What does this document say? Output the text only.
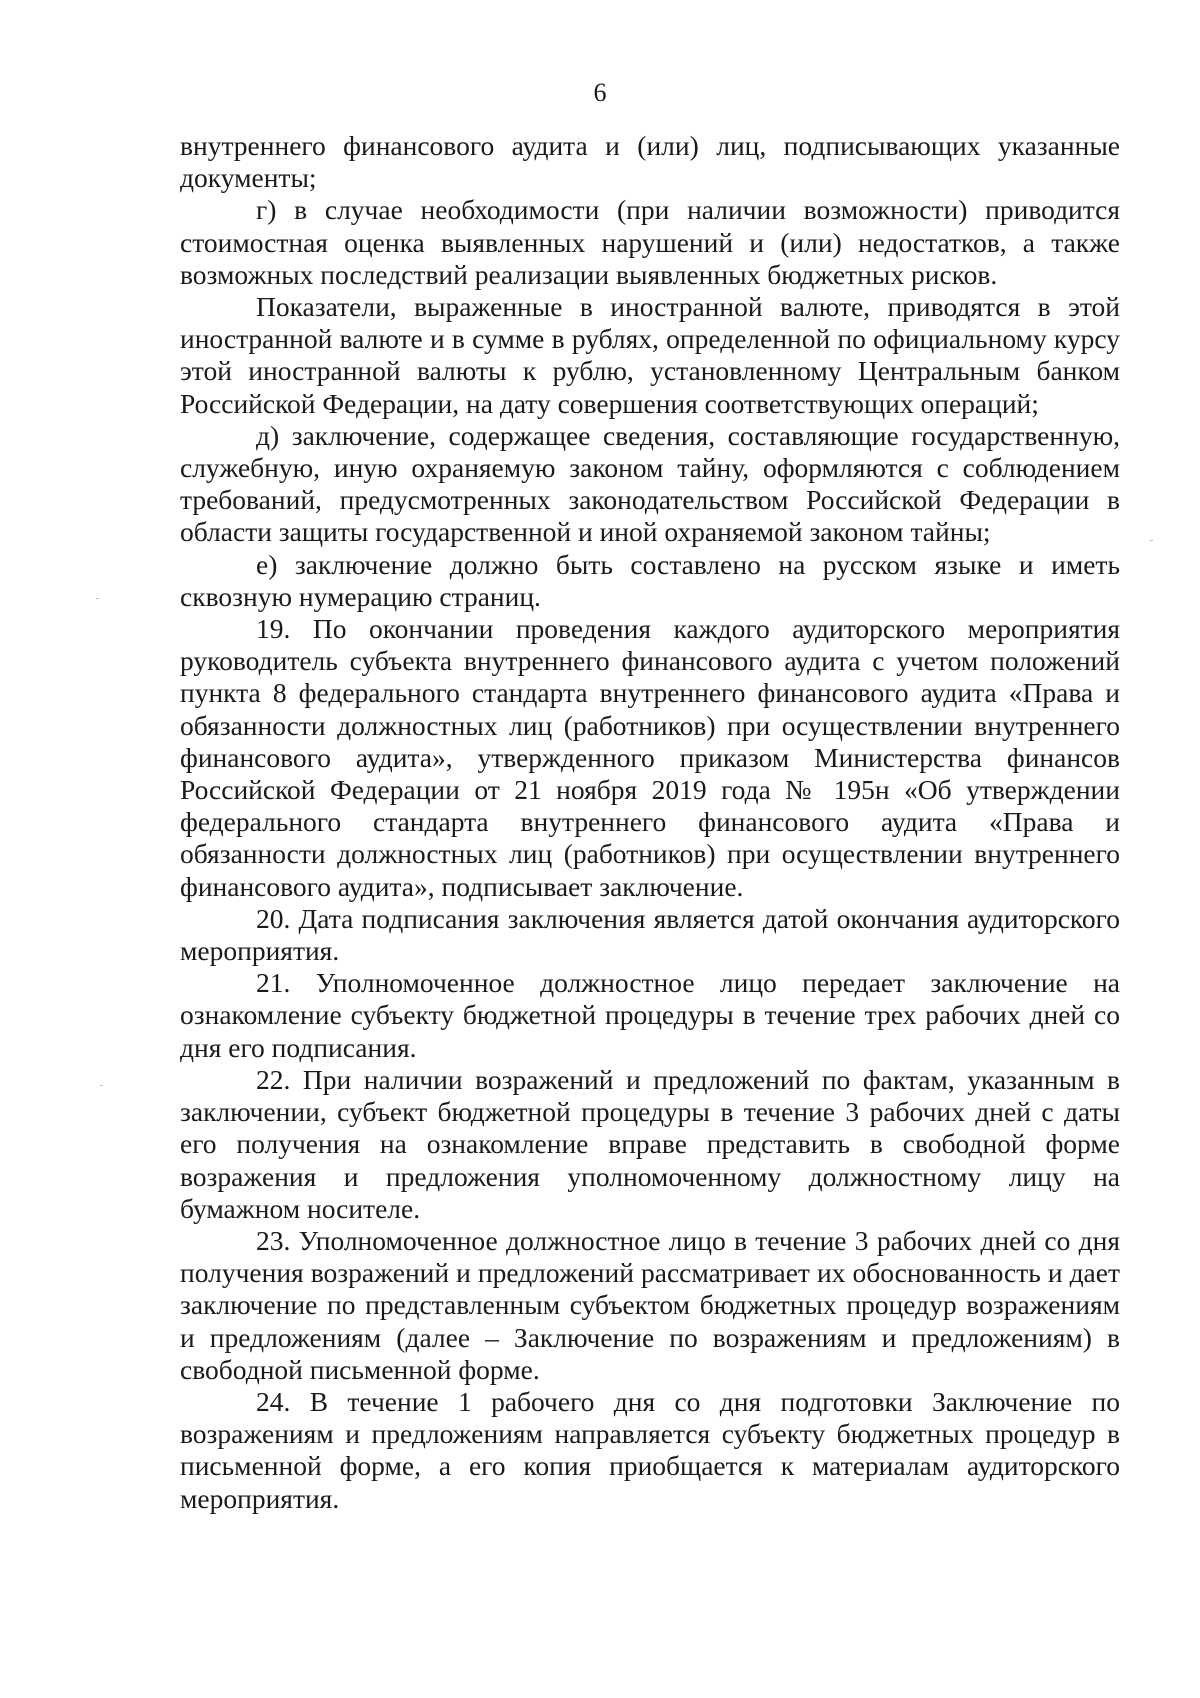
6

внутреннего финансового аудита и (или) лиц, подписывающих указанные документы;

г) в случае необходимости (при наличии возможности) приводится стоимостная оценка выявленных нарушений и (или) недостатков, а также возможных последствий реализации выявленных бюджетных рисков.

Показатели, выраженные в иностранной валюте, приводятся в этой иностранной валюте и в сумме в рублях, определенной по официальному курсу этой иностранной валюты к рублю, установленному Центральным банком Российской Федерации, на дату совершения соответствующих операций;

д) заключение, содержащее сведения, составляющие государственную, служебную, иную охраняемую законом тайну, оформляются с соблюдением требований, предусмотренных законодательством Российской Федерации в области защиты государственной и иной охраняемой законом тайны;

е) заключение должно быть составлено на русском языке и иметь сквозную нумерацию страниц.

19. По окончании проведения каждого аудиторского мероприятия руководитель субъекта внутреннего финансового аудита с учетом положений пункта 8 федерального стандарта внутреннего финансового аудита «Права и обязанности должностных лиц (работников) при осуществлении внутреннего финансового аудита», утвержденного приказом Министерства финансов Российской Федерации от 21 ноября 2019 года № 195н «Об утверждении федерального стандарта внутреннего финансового аудита «Права и обязанности должностных лиц (работников) при осуществлении внутреннего финансового аудита», подписывает заключение.

20. Дата подписания заключения является датой окончания аудиторского мероприятия.

21. Уполномоченное должностное лицо передает заключение на ознакомление субъекту бюджетной процедуры в течение трех рабочих дней со дня его подписания.

22. При наличии возражений и предложений по фактам, указанным в заключении, субъект бюджетной процедуры в течение 3 рабочих дней с даты его получения на ознакомление вправе представить в свободной форме возражения и предложения уполномоченному должностному лицу на бумажном носителе.

23. Уполномоченное должностное лицо в течение 3 рабочих дней со дня получения возражений и предложений рассматривает их обоснованность и дает заключение по представленным субъектом бюджетных процедур возражениям и предложениям (далее – Заключение по возражениям и предложениям) в свободной письменной форме.

24. В течение 1 рабочего дня со дня подготовки Заключение по возражениям и предложениям направляется субъекту бюджетных процедур в письменной форме, а его копия приобщается к материалам аудиторского мероприятия.
